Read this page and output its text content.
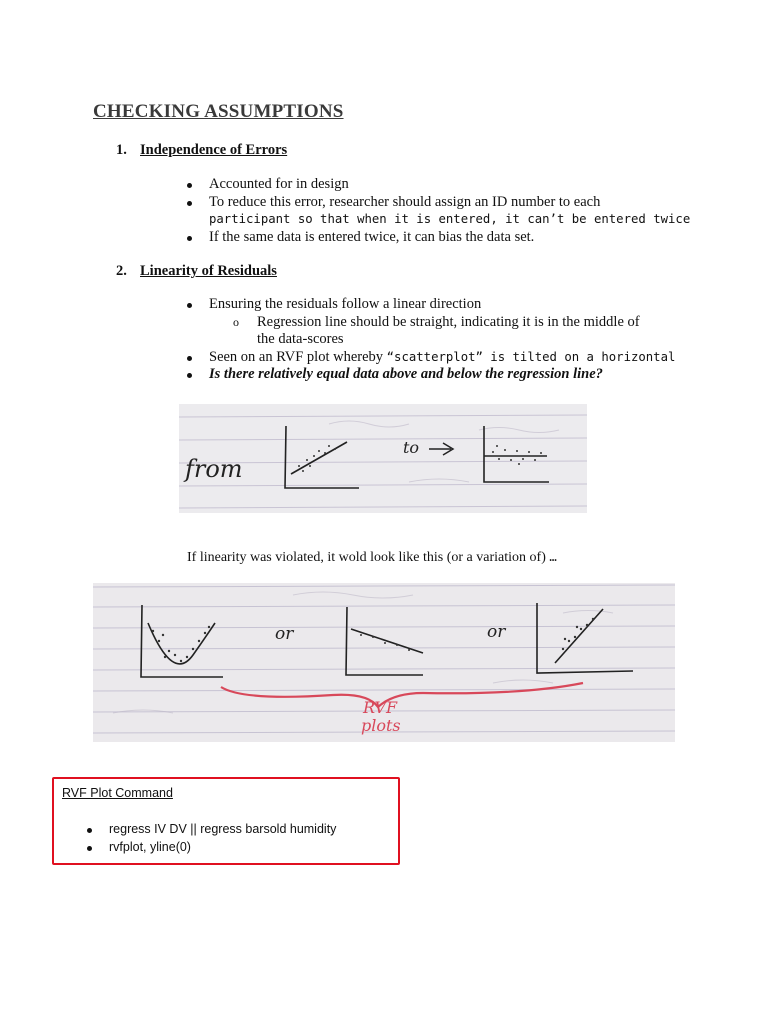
CHECKING ASSUMPTIONS
1. Independence of Errors
Accounted for in design
To reduce this error, researcher should assign an ID number to each
participant so that when it is entered, it can’t be entered twice
If the same data is entered twice, it can bias the data set.
2. Linearity of Residuals
Ensuring the residuals follow a linear direction
o Regression line should be straight, indicating it is in the middle of
the data-scores
Seen on an RVF plot whereby “scatterplot” is tilted on a horizontal
Is there relatively equal data above and below the regression line?
from
to
If linearity was violated, it wold look like this (or a variation of) …
or	or
RVF
plots
RVF Plot Command
regress IV DV || regress barsold humidity
rvfplot, yline(0)
